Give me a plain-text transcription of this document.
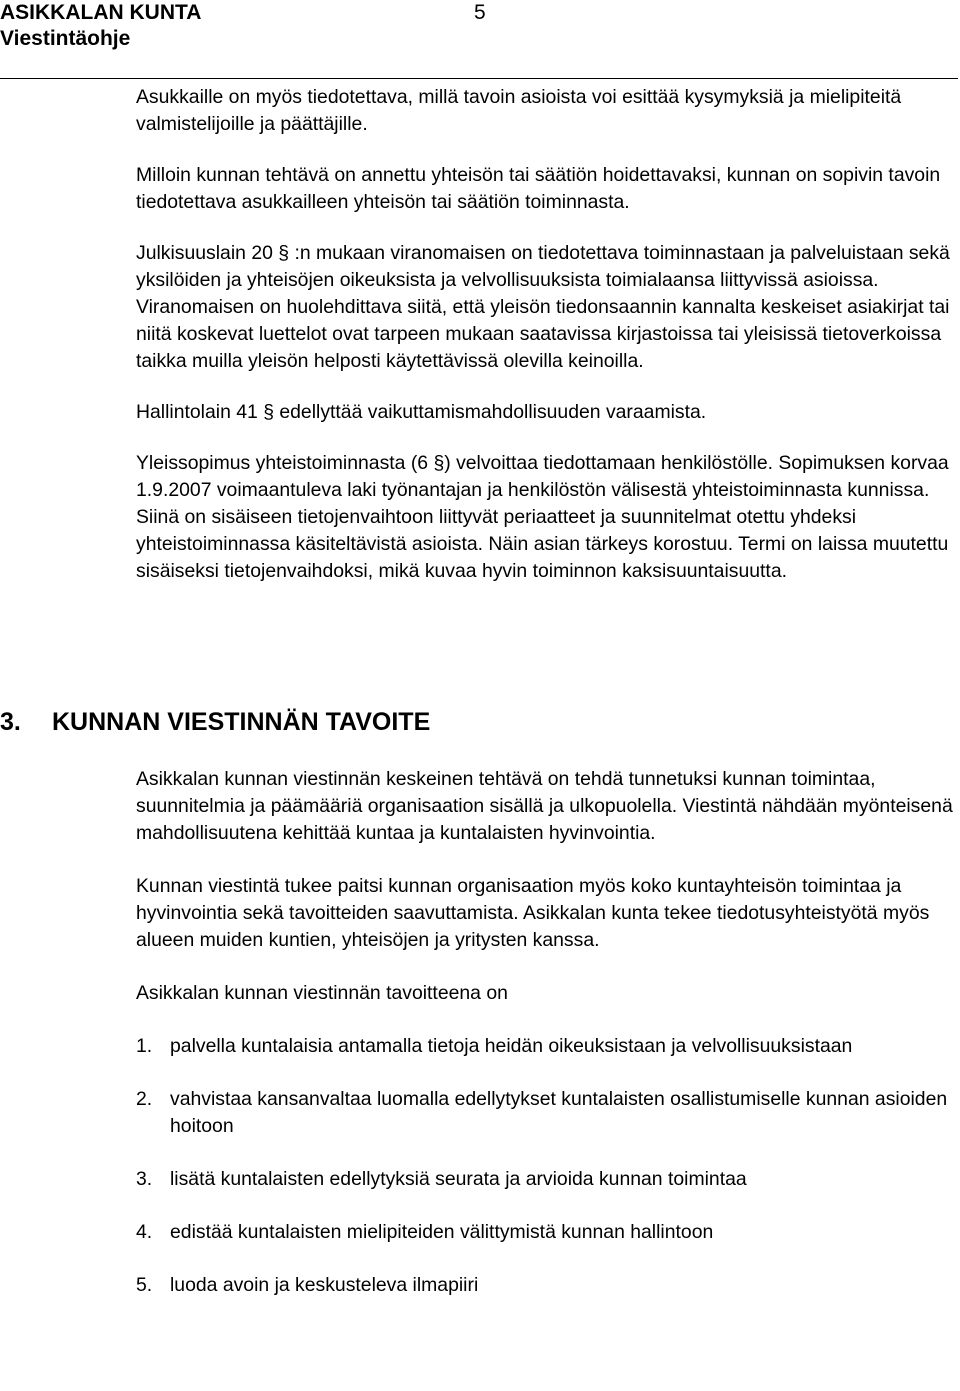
ASIKKALAN KUNTA	5
Viestintäohje

Asukkaille on myös tiedotettava, millä tavoin asioista voi esittää kysymyksiä ja mielipiteitä valmistelijoille ja päättäjille.

Milloin kunnan tehtävä on annettu yhteisön tai säätiön hoidettavaksi, kunnan on sopivin tavoin tiedotettava asukkailleen yhteisön tai säätiön toiminnasta.

Julkisuuslain 20 § :n mukaan viranomaisen on tiedotettava toiminnastaan ja palveluistaan sekä yksilöiden ja yhteisöjen oikeuksista ja velvollisuuksista toimialaansa liittyvissä asioissa. Viranomaisen on huolehdittava siitä, että yleisön tiedonsaannin kannalta keskeiset asiakirjat tai niitä koskevat luettelot ovat tarpeen mukaan saatavissa kirjastoissa tai yleisissä tietoverkoissa taikka muilla yleisön helposti käytettävissä olevilla keinoilla.

Hallintolain 41 § edellyttää vaikuttamismahdollisuuden varaamista.

Yleissopimus yhteistoiminnasta (6 §) velvoittaa tiedottamaan henkilöstölle. Sopimuksen korvaa 1.9.2007 voimaantuleva laki työnantajan ja henkilöstön välisestä yhteistoiminnasta kunnissa. Siinä on sisäiseen tietojenvaihtoon liittyvät periaatteet ja suunnitelmat otettu yhdeksi yhteistoiminnassa käsiteltävistä asioista. Näin asian tärkeys korostuu. Termi on laissa muutettu sisäiseksi tietojenvaihdoksi, mikä kuvaa hyvin toiminnon kaksisuuntaisuutta.

3. KUNNAN VIESTINNÄN TAVOITE

Asikkalan kunnan viestinnän keskeinen tehtävä on tehdä tunnetuksi kunnan toimintaa, suunnitelmia ja päämääriä organisaation sisällä ja ulkopuolella. Viestintä nähdään myönteisenä mahdollisuutena kehittää kuntaa ja kuntalaisten hyvinvointia.

Kunnan viestintä tukee paitsi kunnan organisaation myös koko kuntayhteisön toimintaa ja hyvinvointia sekä tavoitteiden saavuttamista. Asikkalan kunta tekee tiedotusyhteistyötä myös alueen muiden kuntien, yhteisöjen ja yritysten kanssa.

Asikkalan kunnan viestinnän tavoitteena on

1. palvella kuntalaisia antamalla tietoja heidän oikeuksistaan ja velvollisuuksistaan
2. vahvistaa kansanvaltaa luomalla edellytykset kuntalaisten osallistumiselle kunnan asioiden hoitoon
3. lisätä kuntalaisten edellytyksiä seurata ja arvioida kunnan toimintaa
4. edistää kuntalaisten mielipiteiden välittymistä kunnan hallintoon
5. luoda avoin ja keskusteleva ilmapiiri
